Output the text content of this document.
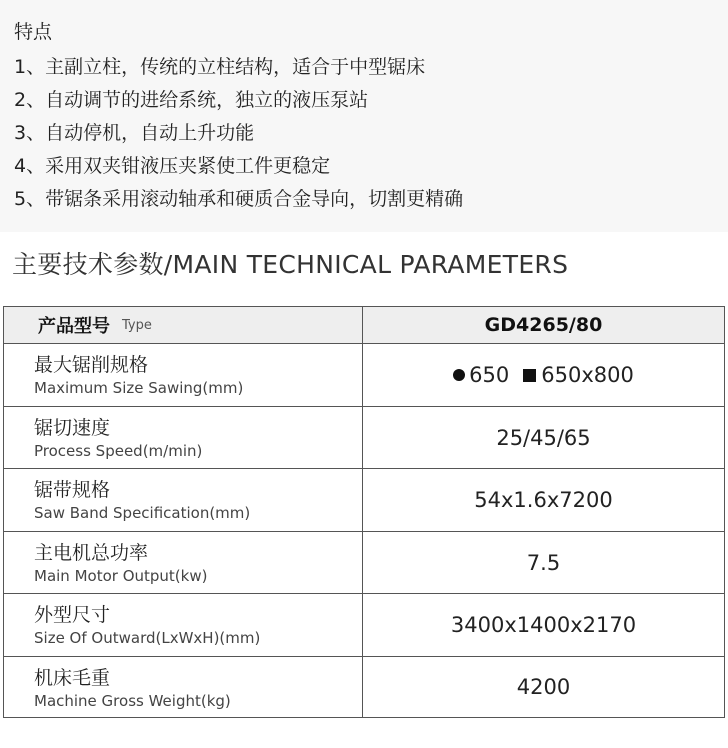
特点
1、主副立柱，传统的立柱结构，适合于中型锯床
2、自动调节的进给系统，独立的液压泵站
3、自动停机，自动上升功能
4、采用双夹钳液压夹紧使工件更稳定
5、带锯条采用滚动轴承和硬质合金导向，切割更精确
主要技术参数/MAIN TECHNICAL PARAMETERS
产品型号 Type	GD4265/80
最大锯削规格
Maximum Size Sawing(mm)
650 650x800
锯切速度
Process Speed(m/min)
25/45/65
锯带规格
Saw Band Specification(mm)
54x1.6x7200
主电机总功率
Main Motor Output(kw)
7.5
外型尺寸
Size Of Outward(LxWxH)(mm)
3400x1400x2170
机床毛重
Machine Gross Weight(kg)
4200
